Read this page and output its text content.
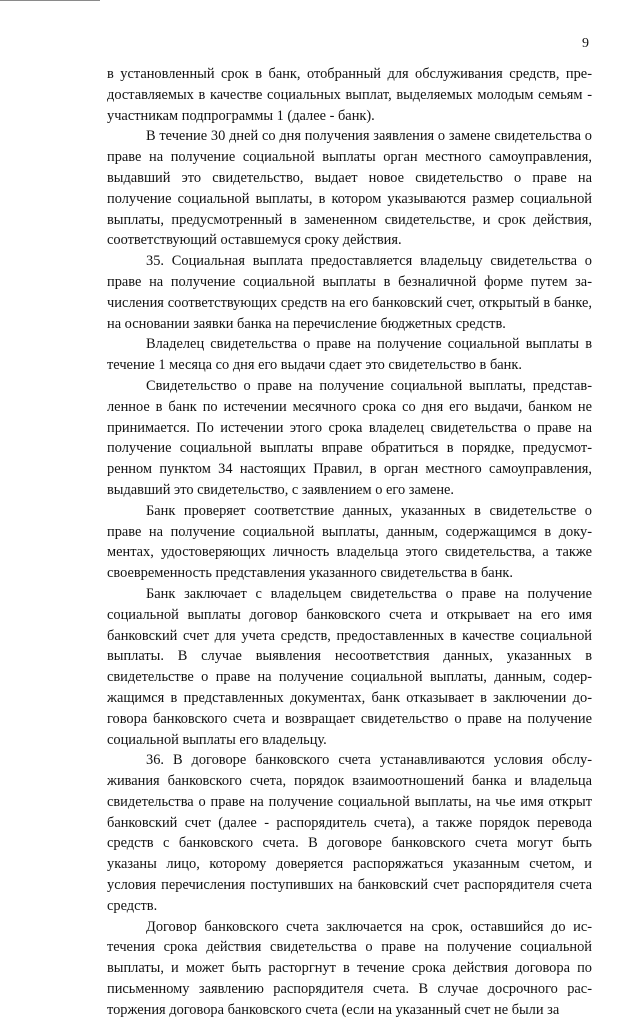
9

в установленный срок в банк, отобранный для обслуживания средств, предоставляемых в качестве социальных выплат, выделяемых молодым семьям - участникам подпрограммы 1 (далее - банк).

В течение 30 дней со дня получения заявления о замене свидетельства о праве на получение социальной выплаты орган местного самоуправления, выдавший это свидетельство, выдает новое свидетельство о праве на получение социальной выплаты, в котором указываются размер социальной выплаты, предусмотренный в замененном свидетельстве, и срок действия, соответствующий оставшемуся сроку действия.

35. Социальная выплата предоставляется владельцу свидетельства о праве на получение социальной выплаты в безналичной форме путем зачисления соответствующих средств на его банковский счет, открытый в банке, на основании заявки банка на перечисление бюджетных средств.

Владелец свидетельства о праве на получение социальной выплаты в течение 1 месяца со дня его выдачи сдает это свидетельство в банк.

Свидетельство о праве на получение социальной выплаты, представленное в банк по истечении месячного срока со дня его выдачи, банком не принимается. По истечении этого срока владелец свидетельства о праве на получение социальной выплаты вправе обратиться в порядке, предусмотренном пунктом 34 настоящих Правил, в орган местного самоуправления, выдавший это свидетельство, с заявлением о его замене.

Банк проверяет соответствие данных, указанных в свидетельстве о праве на получение социальной выплаты, данным, содержащимся в документах, удостоверяющих личность владельца этого свидетельства, а также своевременность представления указанного свидетельства в банк.

Банк заключает с владельцем свидетельства о праве на получение социальной выплаты договор банковского счета и открывает на его имя банковский счет для учета средств, предоставленных в качестве социальной выплаты. В случае выявления несоответствия данных, указанных в свидетельстве о праве на получение социальной выплаты, данным, содержащимся в представленных документах, банк отказывает в заключении договора банковского счета и возвращает свидетельство о праве на получение социальной выплаты его владельцу.

36. В договоре банковского счета устанавливаются условия обслуживания банковского счета, порядок взаимоотношений банка и владельца свидетельства о праве на получение социальной выплаты, на чье имя открыт банковский счет (далее - распорядитель счета), а также порядок перевода средств с банковского счета. В договоре банковского счета могут быть указаны лицо, которому доверяется распоряжаться указанным счетом, и условия перечисления поступивших на банковский счет распорядителя счета средств.

Договор банковского счета заключается на срок, оставшийся до истечения срока действия свидетельства о праве на получение социальной выплаты, и может быть расторгнут в течение срока действия договора по письменному заявлению распорядителя счета. В случае досрочного расторжения договора банковского счета (если на указанный счет не были за
